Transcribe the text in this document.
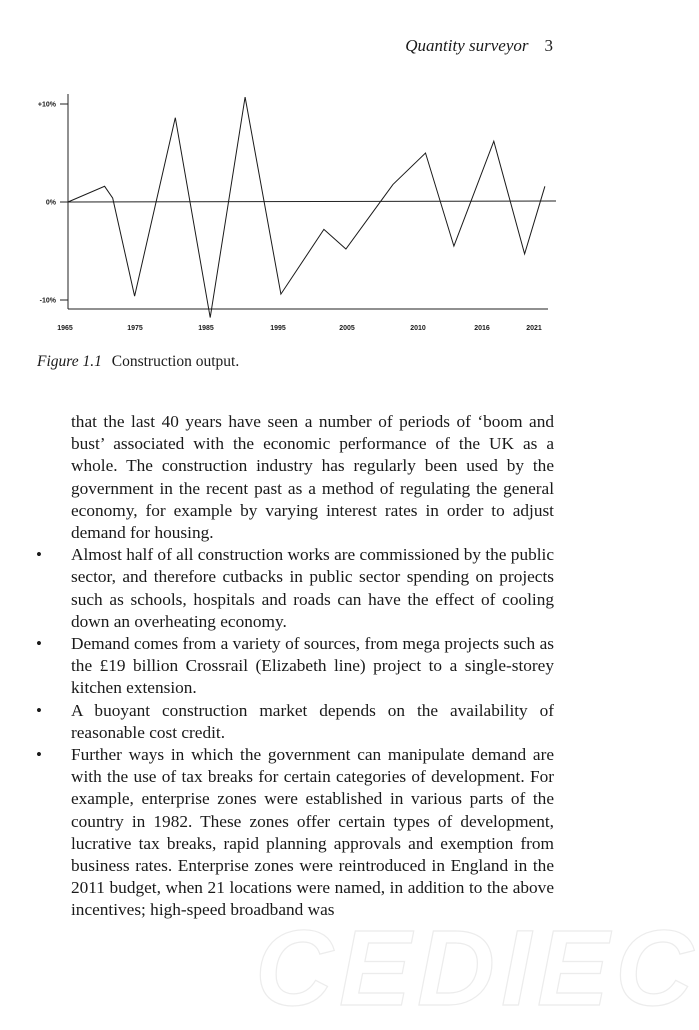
Quantity surveyor 3
+10%
0%
-10%
1965	1975	1985	1995	2005	2010	2016	2021
Figure 1.1 Construction output.

that the last 40 years have seen a number of periods of ‘boom and bust’ associated with the economic performance of the UK as a whole. The construction industry has regularly been used by the government in the recent past as a method of regulating the general economy, for example by varying interest rates in order to adjust demand for housing.

• Almost half of all construction works are commissioned by the public sector, and therefore cutbacks in public sector spending on projects such as schools, hospitals and roads can have the effect of cooling down an overheating economy.
• Demand comes from a variety of sources, from mega projects such as the £19 billion Crossrail (Elizabeth line) project to a single-storey kitchen extension.
• A buoyant construction market depends on the availability of reasonable cost credit.
• Further ways in which the government can manipulate demand are with the use of tax breaks for certain categories of development. For example, enterprise zones were established in various parts of the country in 1982. These zones offer certain types of development, lucrative tax breaks, rapid planning approvals and exemption from business rates. Enterprise zones were reintroduced in England in the 2011 budget, when 21 locations were named, in addition to the above incentives; high-speed broadband was
CEDIEC
